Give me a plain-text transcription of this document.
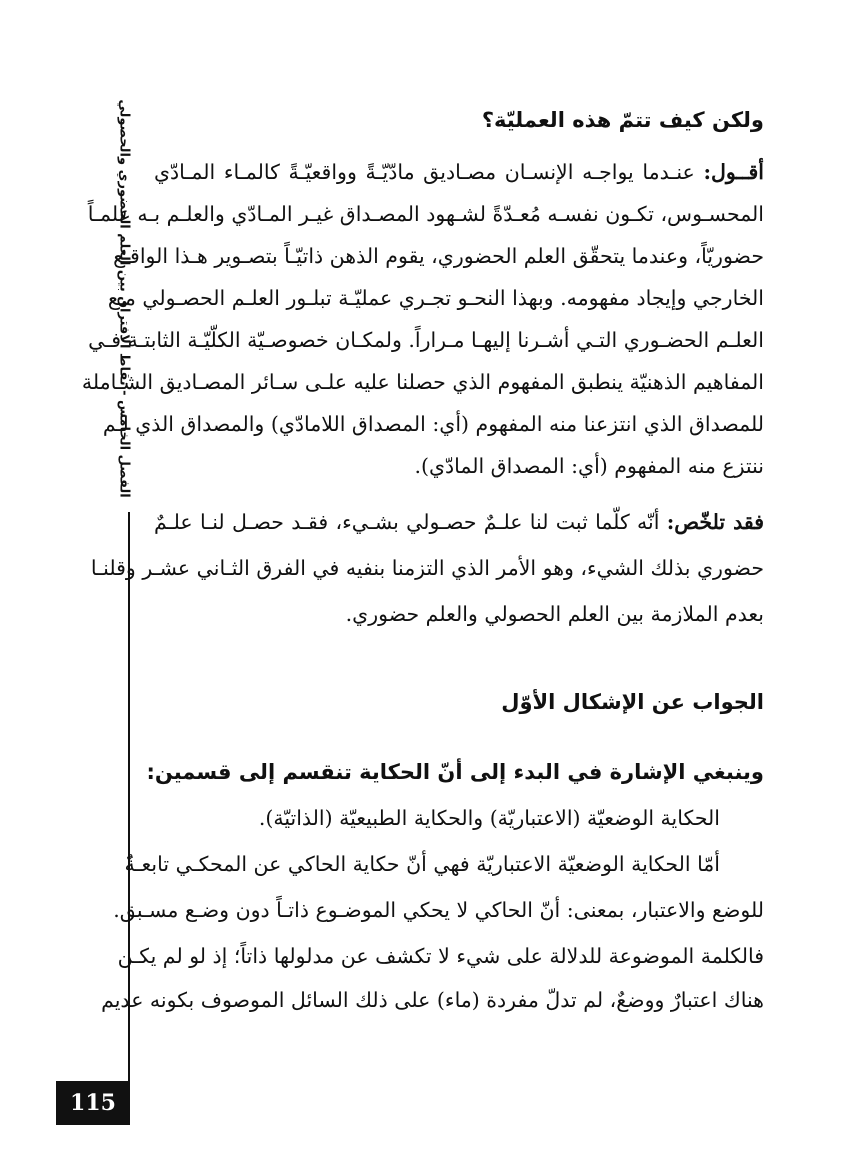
الفصل الخامس - نقاط الافتراق بين العلم الحضوري والحصولي
115
ولكن كيف تتمّ هذه العمليّة؟
أقــول: عنـدما يواجـه الإنسـان مصـاديق مادّيّـةً وواقعيّـةً كالمـاء المـادّي
المحسـوس، تكـون نفسـه مُعـدّةً لشـهود المصـداق غيـر المـادّي والعلـم بـه علمـاً
حضوريّاً، وعندما يتحقّق العلم الحضوري، يقوم الذهن ذاتيّـاً بتصـوير هـذا الواقـع
الخارجي وإيجاد مفهومه. وبهذا النحـو تجـري عمليّـة تبلـور العلـم الحصـولي مـع
العلـم الحضـوري التـي أشـرنا إليهـا مـراراً. ولمكـان خصوصـيّة الكلّيّـة الثابتـة فـي
المفاهيم الذهنيّة ينطبق المفهوم الذي حصلنا عليه علـى سـائر المصـاديق الشـاملة
للمصداق الذي انتزعنا منه المفهوم (أي: المصداق اللامادّي) والمصداق الذي لـم
ننتزع منه المفهوم (أي: المصداق المادّي).
فقد تلخّص: أنّه كلّما ثبت لنا علـمٌ حصـولي بشـيء، فقـد حصـل لنـا علـمٌ
حضوري بذلك الشيء، وهو الأمر الذي التزمنا بنفيه في الفرق الثـاني عشـر وقلنـا
بعدم الملازمة بين العلم الحصولي والعلم حضوري.
الجواب عن الإشكال الأوّل
وينبغي الإشارة في البدء إلى أنّ الحكاية تنقسم إلى قسمين:
الحكاية الوضعيّة (الاعتباريّة) والحكاية الطبيعيّة (الذاتيّة).
أمّا الحكاية الوضعيّة الاعتباريّة فهي أنّ حكاية الحاكي عن المحكـي تابعـةٌ
للوضع والاعتبار، بمعنى: أنّ الحاكي لا يحكي الموضـوع ذاتـاً دون وضـع مسـبق.
فالكلمة الموضوعة للدلالة على شيء لا تكشف عن مدلولها ذاتاً؛ إذ لو لم يكـن
هناك اعتبارٌ ووضعٌ، لم تدلّ مفردة (ماء) على ذلك السائل الموصوف بكونه عديم
